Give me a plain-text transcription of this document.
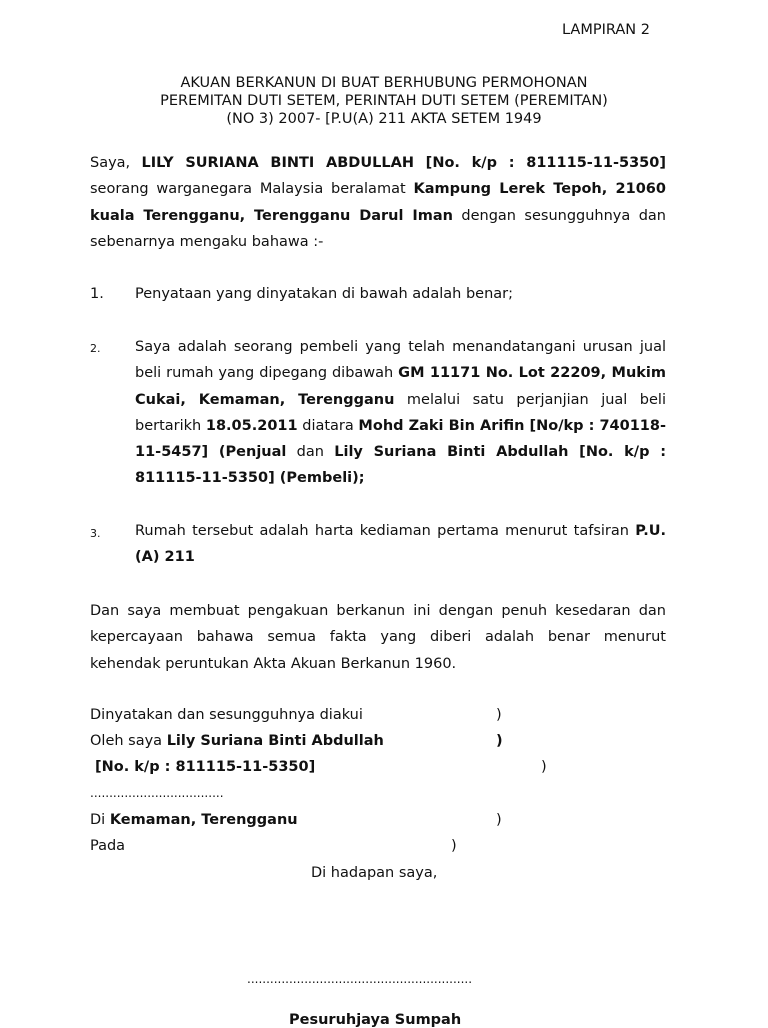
LAMPIRAN 2
AKUAN BERKANUN DI BUAT BERHUBUNG PERMOHONAN
PEREMITAN DUTI SETEM, PERINTAH DUTI SETEM (PEREMITAN)
(NO 3) 2007- [P.U(A) 211 AKTA SETEM 1949

Saya, LILY SURIANA BINTI ABDULLAH [No. k/p : 811115-11-5350] seorang warganegara Malaysia beralamat Kampung Lerek Tepoh, 21060 kuala Terengganu, Terengganu Darul Iman dengan sesungguhnya dan sebenarnya mengaku bahawa :-

1. Penyataan yang dinyatakan di bawah adalah benar;

2. Saya adalah seorang pembeli yang telah menandatangani urusan jual beli rumah yang dipegang dibawah GM 11171 No. Lot 22209, Mukim Cukai, Kemaman, Terengganu melalui satu perjanjian jual beli bertarikh 18.05.2011 diatara Mohd Zaki Bin Arifin [No/kp : 740118-11-5457] (Penjual dan Lily Suriana Binti Abdullah [No. k/p : 811115-11-5350] (Pembeli);

3. Rumah tersebut adalah harta kediaman pertama menurut tafsiran P.U. (A) 211

Dan saya membuat pengakuan berkanun ini dengan penuh kesedaran dan kepercayaan bahawa semua fakta yang diberi adalah benar menurut kehendak peruntukan Akta Akuan Berkanun 1960.

Dinyatakan dan sesungguhnya diakui	)
Oleh saya Lily Suriana Binti Abdullah	)
[No. k/p : 811115-11-5350]	)
...................................
Di Kemaman, Terengganu	)
Pada	)
Di hadapan saya,
...........................................................
Pesuruhjaya Sumpah
